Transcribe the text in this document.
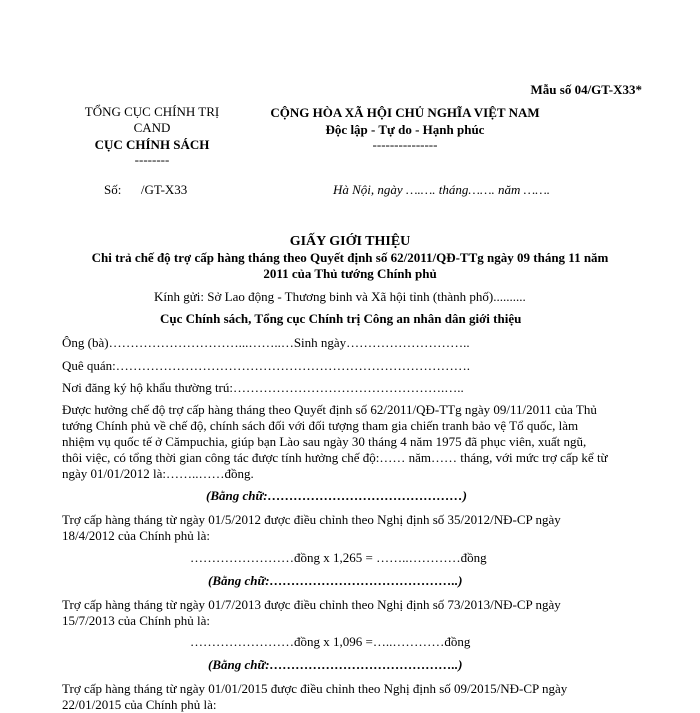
Mẫu số 04/GT-X33*
TỔNG CỤC CHÍNH TRỊ
CAND
CỤC CHÍNH SÁCH
--------
CỘNG HÒA XÃ HỘI CHỦ NGHĨA VIỆT NAM
Độc lập - Tự do - Hạnh phúc
---------------
Số:      /GT-X33	Hà Nội, ngày ….…. tháng……. năm …….
GIẤY GIỚI THIỆU
Chi trả chế độ trợ cấp hàng tháng theo Quyết định số 62/2011/QĐ-TTg ngày 09 tháng 11 năm
2011 của Thủ tướng Chính phủ
Kính gửi: Sở Lao động - Thương binh và Xã hội tỉnh (thành phố)..........
Cục Chính sách, Tổng cục Chính trị Công an nhân dân giới thiệu
Ông (bà)…………………………...……..…Sinh ngày………………………..
Quê quán:……………………………………………………………………….
Nơi đăng ký hộ khẩu thường trú:………………………………………….…..
Được hưởng chế độ trợ cấp hàng tháng theo Quyết định số 62/2011/QĐ-TTg ngày 09/11/2011 của Thủ
tướng Chính phủ về chế độ, chính sách đối với đối tượng tham gia chiến tranh bảo vệ Tổ quốc, làm
nhiệm vụ quốc tế ở Cămpuchia, giúp bạn Lào sau ngày 30 tháng 4 năm 1975 đã phục viên, xuất ngũ,
thôi việc, có tổng thời gian công tác được tính hưởng chế độ:…… năm…… tháng, với mức trợ cấp kể từ
ngày 01/01/2012 là:……..……đồng.
(Bằng chữ:………………………………………)
Trợ cấp hàng tháng từ ngày 01/5/2012 được điều chỉnh theo Nghị định số 35/2012/NĐ-CP ngày
18/4/2012 của Chính phủ là:
……………………đồng x 1,265 = ……..…………đồng
(Bằng chữ:……………………………………..)
Trợ cấp hàng tháng từ ngày 01/7/2013 được điều chỉnh theo Nghị định số 73/2013/NĐ-CP ngày
15/7/2013 của Chính phủ là:
……………………đồng x 1,096 =…..…………đồng
(Bằng chữ:……………………………………..)
Trợ cấp hàng tháng từ ngày 01/01/2015 được điều chỉnh theo Nghị định số 09/2015/NĐ-CP ngày
22/01/2015 của Chính phủ là:
